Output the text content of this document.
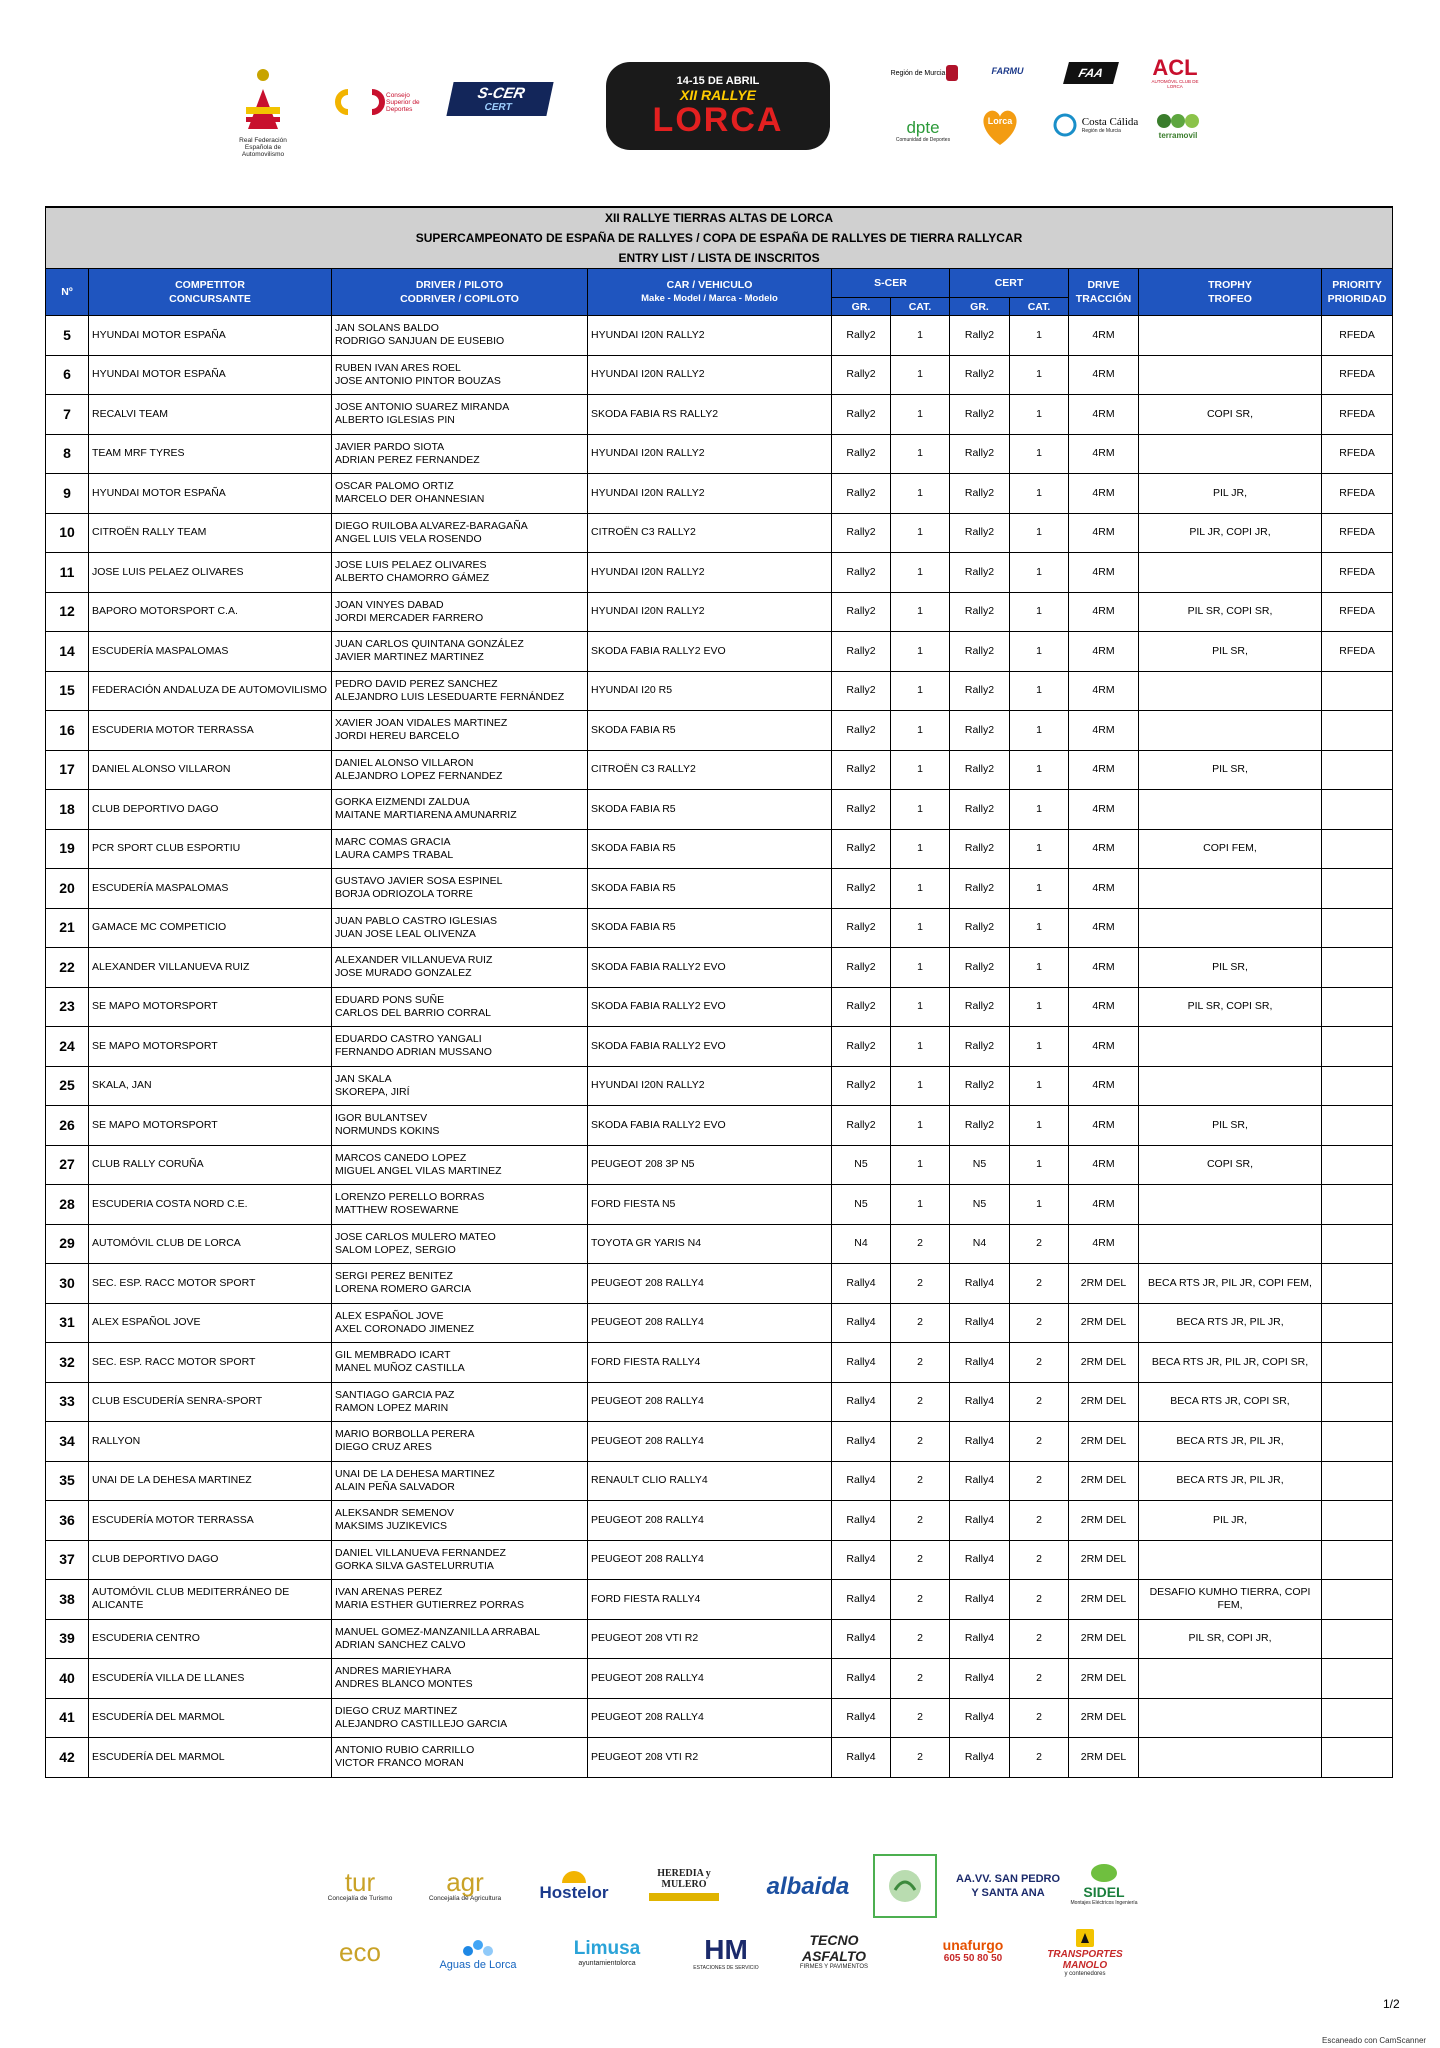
Real Federación Española de Automovilismo
Consejo Superior de Deportes
S-CER
CERT
14-15 DE ABRIL
XII RALLYE
LORCA
Región de Murcia	FARMU	FAA ACL
AUTOMÓVIL CLUB DE LORCA
dpte
Comunidad de Deportes
Lorca	Costa Cálida
Región de Murcia	terramovil
XII RALLYE TIERRAS ALTAS DE LORCA										
SUPERCAMPEONATO DE ESPAÑA DE RALLYES / COPA DE ESPAÑA DE RALLYES DE TIERRA RALLYCAR										
ENTRY LIST / LISTA DE INSCRITOS										
Nº	COMPETITOR
CONCURSANTE	DRIVER / PILOTO
CODRIVER / COPILOTO	CAR / VEHICULO
Make - Model / Marca - Modelo	S-CER		CERT		DRIVE
TRACCIÓN	TROPHY
TROFEO	PRIORITY
PRIORIDAD

				GR.	CAT.	GR.	CAT.			
5	HYUNDAI MOTOR ESPAÑA	JAN SOLANS BALDO
RODRIGO SANJUAN DE EUSEBIO	HYUNDAI I20N RALLY2	Rally2	1	Rally2	1	4RM		RFEDA
6	HYUNDAI MOTOR ESPAÑA	RUBEN IVAN ARES ROEL
JOSE ANTONIO PINTOR BOUZAS	HYUNDAI I20N RALLY2	Rally2	1	Rally2	1	4RM		RFEDA
7	RECALVI TEAM	JOSE ANTONIO SUAREZ MIRANDA
ALBERTO IGLESIAS PIN	SKODA FABIA RS RALLY2	Rally2	1	Rally2	1	4RM	COPI SR,	RFEDA
8	TEAM MRF TYRES	JAVIER PARDO SIOTA
ADRIAN PEREZ FERNANDEZ	HYUNDAI I20N RALLY2	Rally2	1	Rally2	1	4RM		RFEDA
9	HYUNDAI MOTOR ESPAÑA	OSCAR PALOMO ORTIZ
MARCELO DER OHANNESIAN	HYUNDAI I20N RALLY2	Rally2	1	Rally2	1	4RM	PIL JR,	RFEDA
10	CITROËN RALLY TEAM	DIEGO RUILOBA ALVAREZ-BARAGAÑA
ANGEL LUIS VELA ROSENDO	CITROËN C3 RALLY2	Rally2	1	Rally2	1	4RM	PIL JR, COPI JR,	RFEDA
11	JOSE LUIS PELAEZ OLIVARES	JOSE LUIS PELAEZ OLIVARES
ALBERTO CHAMORRO GÁMEZ	HYUNDAI I20N RALLY2	Rally2	1	Rally2	1	4RM		RFEDA
12	BAPORO MOTORSPORT C.A.	JOAN VINYES DABAD
JORDI MERCADER FARRERO	HYUNDAI I20N RALLY2	Rally2	1	Rally2	1	4RM	PIL SR, COPI SR,	RFEDA
14	ESCUDERÍA MASPALOMAS	JUAN CARLOS QUINTANA GONZÁLEZ
JAVIER MARTINEZ MARTINEZ	SKODA FABIA RALLY2 EVO	Rally2	1	Rally2	1	4RM	PIL SR,	RFEDA
15	FEDERACIÓN ANDALUZA DE AUTOMOVILISMO	PEDRO DAVID PEREZ SANCHEZ
ALEJANDRO LUIS LESEDUARTE FERNÁNDEZ	HYUNDAI I20 R5	Rally2	1	Rally2	1	4RM		
16	ESCUDERIA MOTOR TERRASSA	XAVIER JOAN VIDALES MARTINEZ
JORDI HEREU BARCELO	SKODA FABIA R5	Rally2	1	Rally2	1	4RM		
17	DANIEL ALONSO VILLARON	DANIEL ALONSO VILLARON
ALEJANDRO LOPEZ FERNANDEZ	CITROËN C3 RALLY2	Rally2	1	Rally2	1	4RM	PIL SR,	
18	CLUB DEPORTIVO DAGO	GORKA EIZMENDI ZALDUA
MAITANE MARTIARENA AMUNARRIZ	SKODA FABIA R5	Rally2	1	Rally2	1	4RM		
19	PCR SPORT CLUB ESPORTIU	MARC COMAS GRACIA
LAURA CAMPS TRABAL	SKODA FABIA R5	Rally2	1	Rally2	1	4RM	COPI FEM,	
20	ESCUDERÍA MASPALOMAS	GUSTAVO JAVIER SOSA ESPINEL
BORJA ODRIOZOLA TORRE	SKODA FABIA R5	Rally2	1	Rally2	1	4RM		
21	GAMACE MC COMPETICIO	JUAN PABLO CASTRO IGLESIAS
JUAN JOSE LEAL OLIVENZA	SKODA FABIA R5	Rally2	1	Rally2	1	4RM		
22	ALEXANDER VILLANUEVA RUIZ	ALEXANDER VILLANUEVA RUIZ
JOSE MURADO GONZALEZ	SKODA FABIA RALLY2 EVO	Rally2	1	Rally2	1	4RM	PIL SR,	
23	SE MAPO MOTORSPORT	EDUARD PONS SUÑE
CARLOS DEL BARRIO CORRAL	SKODA FABIA RALLY2 EVO	Rally2	1	Rally2	1	4RM	PIL SR, COPI SR,	
24	SE MAPO MOTORSPORT	EDUARDO CASTRO YANGALI
FERNANDO ADRIAN MUSSANO	SKODA FABIA RALLY2 EVO	Rally2	1	Rally2	1	4RM		
25	SKALA, JAN	JAN SKALA
SKOREPA, JIRÍ	HYUNDAI I20N RALLY2	Rally2	1	Rally2	1	4RM		
26	SE MAPO MOTORSPORT	IGOR BULANTSEV
NORMUNDS KOKINS	SKODA FABIA RALLY2 EVO	Rally2	1	Rally2	1	4RM	PIL SR,	
27	CLUB RALLY CORUÑA	MARCOS CANEDO LOPEZ
MIGUEL ANGEL VILAS MARTINEZ	PEUGEOT 208 3P N5	N5	1	N5	1	4RM	COPI SR,	
28	ESCUDERIA COSTA NORD C.E.	LORENZO PERELLO BORRAS
MATTHEW ROSEWARNE	FORD FIESTA N5	N5	1	N5	1	4RM		
29	AUTOMÓVIL CLUB DE LORCA	JOSE CARLOS MULERO MATEO
SALOM LOPEZ, SERGIO	TOYOTA GR YARIS N4	N4	2	N4	2	4RM		
30	SEC. ESP. RACC MOTOR SPORT	SERGI PEREZ BENITEZ
LORENA ROMERO GARCIA	PEUGEOT 208 RALLY4	Rally4	2	Rally4	2	2RM DEL	BECA RTS JR, PIL JR, COPI FEM,	
31	ALEX ESPAÑOL JOVE	ALEX ESPAÑOL JOVE
AXEL CORONADO JIMENEZ	PEUGEOT 208 RALLY4	Rally4	2	Rally4	2	2RM DEL	BECA RTS JR, PIL JR,	
32	SEC. ESP. RACC MOTOR SPORT	GIL MEMBRADO ICART
MANEL MUÑOZ CASTILLA	FORD FIESTA RALLY4	Rally4	2	Rally4	2	2RM DEL	BECA RTS JR, PIL JR, COPI SR,	
33	CLUB ESCUDERÍA SENRA-SPORT	SANTIAGO GARCIA PAZ
RAMON LOPEZ MARIN	PEUGEOT 208 RALLY4	Rally4	2	Rally4	2	2RM DEL	BECA RTS JR, COPI SR,	
34	RALLYON	MARIO BORBOLLA PERERA
DIEGO CRUZ ARES	PEUGEOT 208 RALLY4	Rally4	2	Rally4	2	2RM DEL	BECA RTS JR, PIL JR,	
35	UNAI DE LA DEHESA MARTINEZ	UNAI DE LA DEHESA MARTINEZ
ALAIN PEÑA SALVADOR	RENAULT CLIO RALLY4	Rally4	2	Rally4	2	2RM DEL	BECA RTS JR, PIL JR,	
36	ESCUDERÍA MOTOR TERRASSA	ALEKSANDR SEMENOV
MAKSIMS JUZIKEVICS	PEUGEOT 208 RALLY4	Rally4	2	Rally4	2	2RM DEL	PIL JR,	
37	CLUB DEPORTIVO DAGO	DANIEL VILLANUEVA FERNANDEZ
GORKA SILVA GASTELURRUTIA	PEUGEOT 208 RALLY4	Rally4	2	Rally4	2	2RM DEL		
38	AUTOMÓVIL CLUB MEDITERRÁNEO DE ALICANTE	IVAN ARENAS PEREZ
MARIA ESTHER GUTIERREZ PORRAS	FORD FIESTA RALLY4	Rally4	2	Rally4	2	2RM DEL	DESAFIO KUMHO TIERRA, COPI FEM,	
39	ESCUDERIA CENTRO	MANUEL GOMEZ-MANZANILLA ARRABAL
ADRIAN SANCHEZ CALVO	PEUGEOT 208 VTI R2	Rally4	2	Rally4	2	2RM DEL	PIL SR, COPI JR,	
40	ESCUDERÍA VILLA DE LLANES	ANDRES MARIEYHARA
ANDRES BLANCO MONTES	PEUGEOT 208 RALLY4	Rally4	2	Rally4	2	2RM DEL		
41	ESCUDERÍA DEL MARMOL	DIEGO CRUZ MARTINEZ
ALEJANDRO CASTILLEJO GARCIA	PEUGEOT 208 RALLY4	Rally4	2	Rally4	2	2RM DEL		
42	ESCUDERÍA DEL MARMOL	ANTONIO RUBIO CARRILLO
VICTOR FRANCO MORAN	PEUGEOT 208 VTI R2	Rally4	2	Rally4	2	2RM DEL		
tur
Concejalía de Turismo
agr
Concejalía de Agricultura Hostelor
HEREDIA y MULERO	albaida	AA.VV. SAN PEDRO Y SANTA ANA	SIDEL
Montajes Eléctricos Ingeniería
eco	Aguas de Lorca
Limusa
ayuntamientolorca HM
ESTACIONES DE SERVICIO
TECNO ASFALTO
FIRMES Y PAVIMENTOS
unafurgo
605 50 80 50	TRANSPORTES MANOLO
y contenedores
1/2
Escaneado con CamScanner
